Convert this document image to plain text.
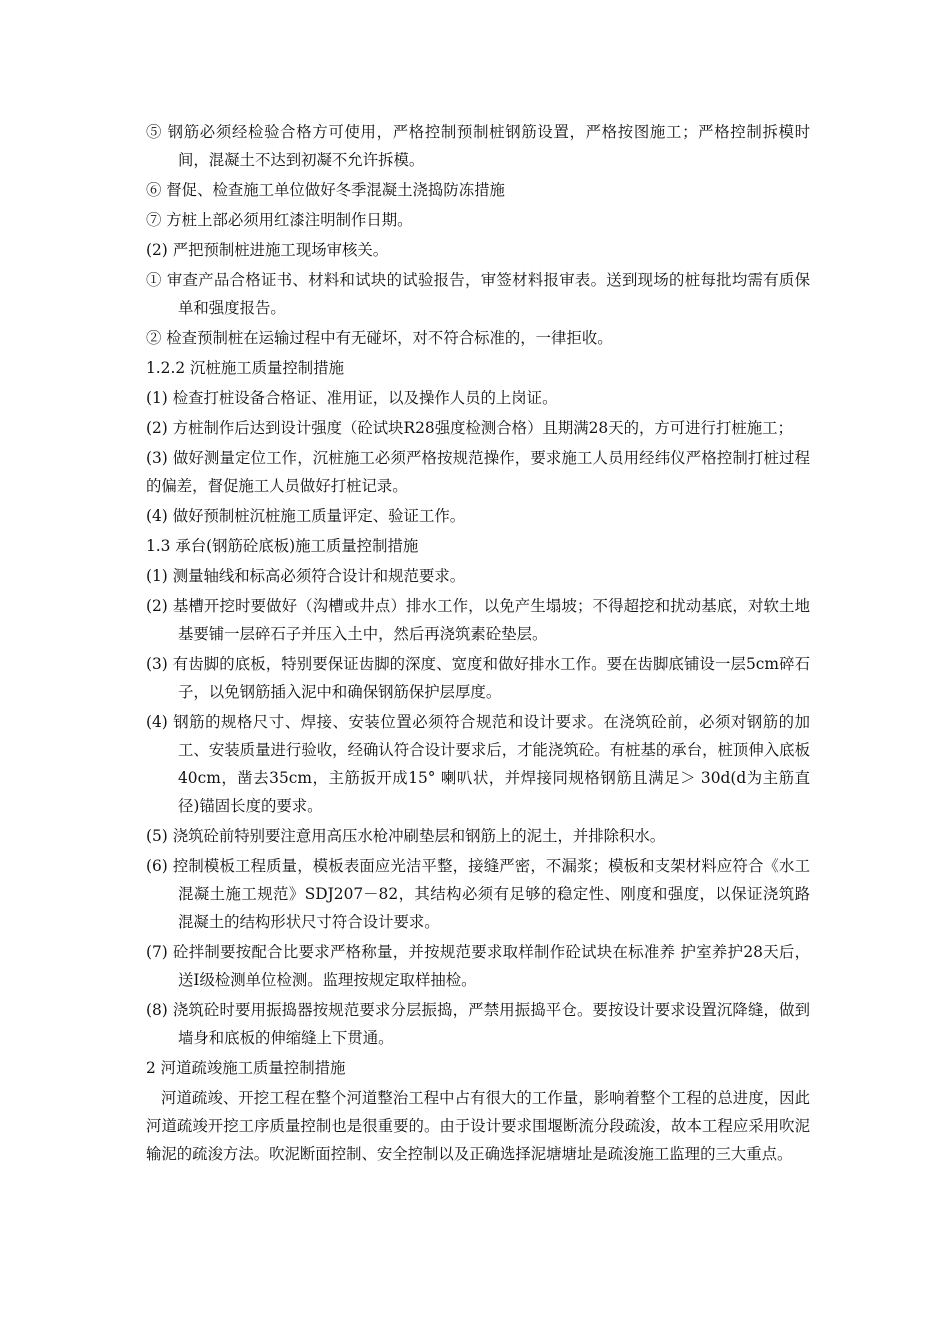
⑤ 钢筋必须经检验合格方可使用，严格控制预制桩钢筋设置，严格按图施工；严格控制拆模时间，混凝土不达到初凝不允许拆模。
⑥ 督促、检查施工单位做好冬季混凝土浇捣防冻措施
⑦ 方桩上部必须用红漆注明制作日期。
(2) 严把预制桩进施工现场审核关。
① 审查产品合格证书、材料和试块的试验报告，审签材料报审表。送到现场的桩每批均需有质保单和强度报告。
② 检查预制桩在运输过程中有无碰坏，对不符合标准的，一律拒收。
1.2.2 沉桩施工质量控制措施
(1) 检查打桩设备合格证、准用证，以及操作人员的上岗证。
(2) 方桩制作后达到设计强度（砼试块R28强度检测合格）且期满28天的，方可进行打桩施工；
(3) 做好测量定位工作，沉桩施工必须严格按规范操作，要求施工人员用经纬仪严格控制打桩过程的偏差，督促施工人员做好打桩记录。
(4) 做好预制桩沉桩施工质量评定、验证工作。
1.3 承台(钢筋砼底板)施工质量控制措施
(1) 测量轴线和标高必须符合设计和规范要求。
(2) 基槽开挖时要做好（沟槽或井点）排水工作，以免产生塌坡；不得超挖和扰动基底，对软土地基要铺一层碎石子并压入土中，然后再浇筑素砼垫层。
(3) 有齿脚的底板，特别要保证齿脚的深度、宽度和做好排水工作。要在齿脚底铺设一层5cm碎石子，以免钢筋插入泥中和确保钢筋保护层厚度。
(4) 钢筋的规格尺寸、焊接、安装位置必须符合规范和设计要求。在浇筑砼前，必须对钢筋的加工、安装质量进行验收，经确认符合设计要求后，才能浇筑砼。有桩基的承台，桩顶伸入底板40cm，凿去35cm，主筋扳开成15° 喇叭状，并焊接同规格钢筋且满足＞ 30d(d为主筋直径)锚固长度的要求。
(5) 浇筑砼前特别要注意用高压水枪冲刷垫层和钢筋上的泥土，并排除积水。
(6) 控制模板工程质量，模板表面应光洁平整，接缝严密，不漏浆；模板和支架材料应符合《水工混凝土施工规范》SDJ207－82，其结构必须有足够的稳定性、刚度和强度，以保证浇筑路混凝土的结构形状尺寸符合设计要求。
(7) 砼拌制要按配合比要求严格称量，并按规范要求取样制作砼试块在标准养 护室养护28天后，送Ⅰ级检测单位检测。监理按规定取样抽检。
(8) 浇筑砼时要用振捣器按规范要求分层振捣，严禁用振捣平仓。要按设计要求设置沉降缝，做到墙身和底板的伸缩缝上下贯通。
2 河道疏竣施工质量控制措施
河道疏竣、开挖工程在整个河道整治工程中占有很大的工作量，影响着整个工程的总进度，因此河道疏竣开挖工序质量控制也是很重要的。由于设计要求围堰断流分段疏浚，故本工程应采用吹泥输泥的疏浚方法。吹泥断面控制、安全控制以及正确选择泥塘塘址是疏浚施工监理的三大重点。
